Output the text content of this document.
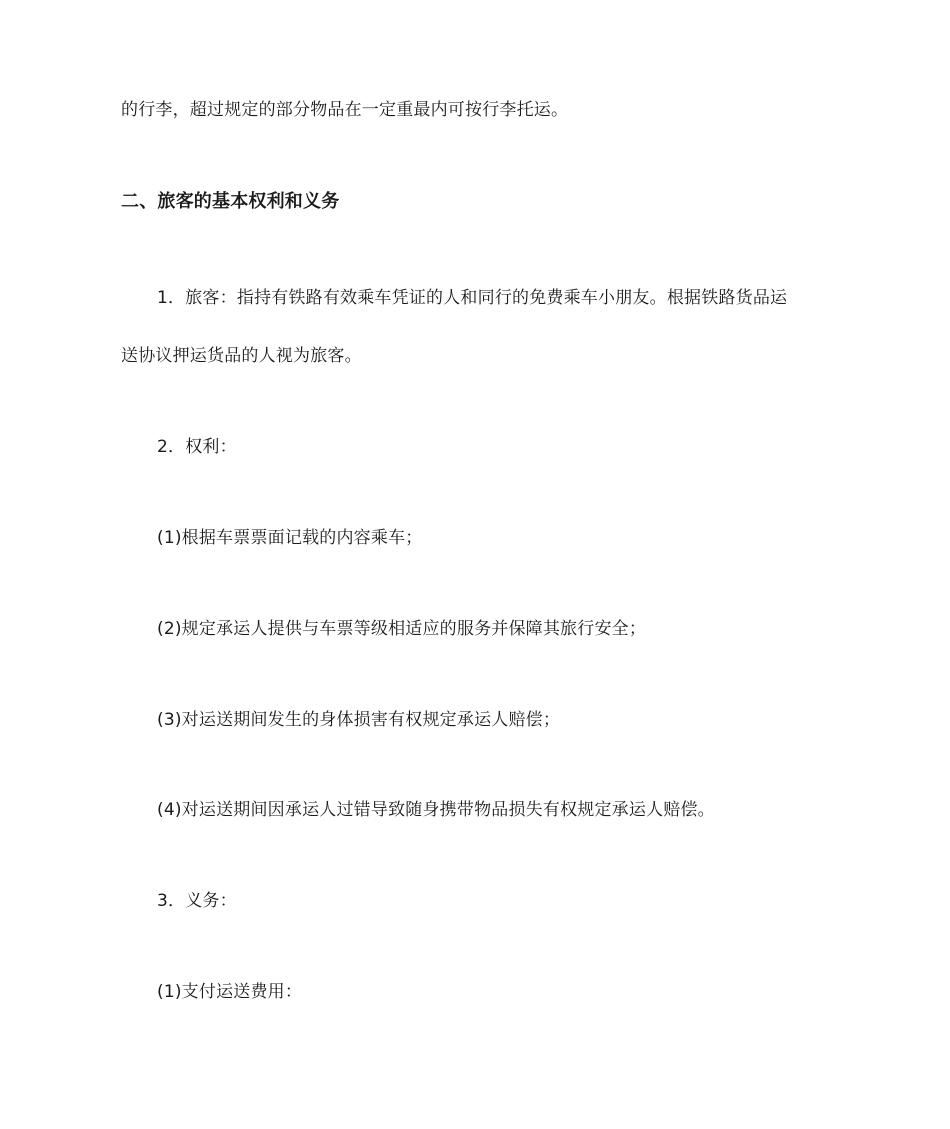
的行李，超过规定的部分物品在一定重最内可按行李托运。
二、旅客的基本权利和义务
1．旅客：指持有铁路有效乘车凭证的人和同行的免费乘车小朋友。根据铁路货品运
送协议押运货品的人视为旅客。
2．权利：
(1)根据车票票面记载的内容乘车；
(2)规定承运人提供与车票等级相适应的服务并保障其旅行安全；
(3)对运送期间发生的身体损害有权规定承运人赔偿；
(4)对运送期间因承运人过错导致随身携带物品损失有权规定承运人赔偿。
3．义务：
(1)支付运送费用：
